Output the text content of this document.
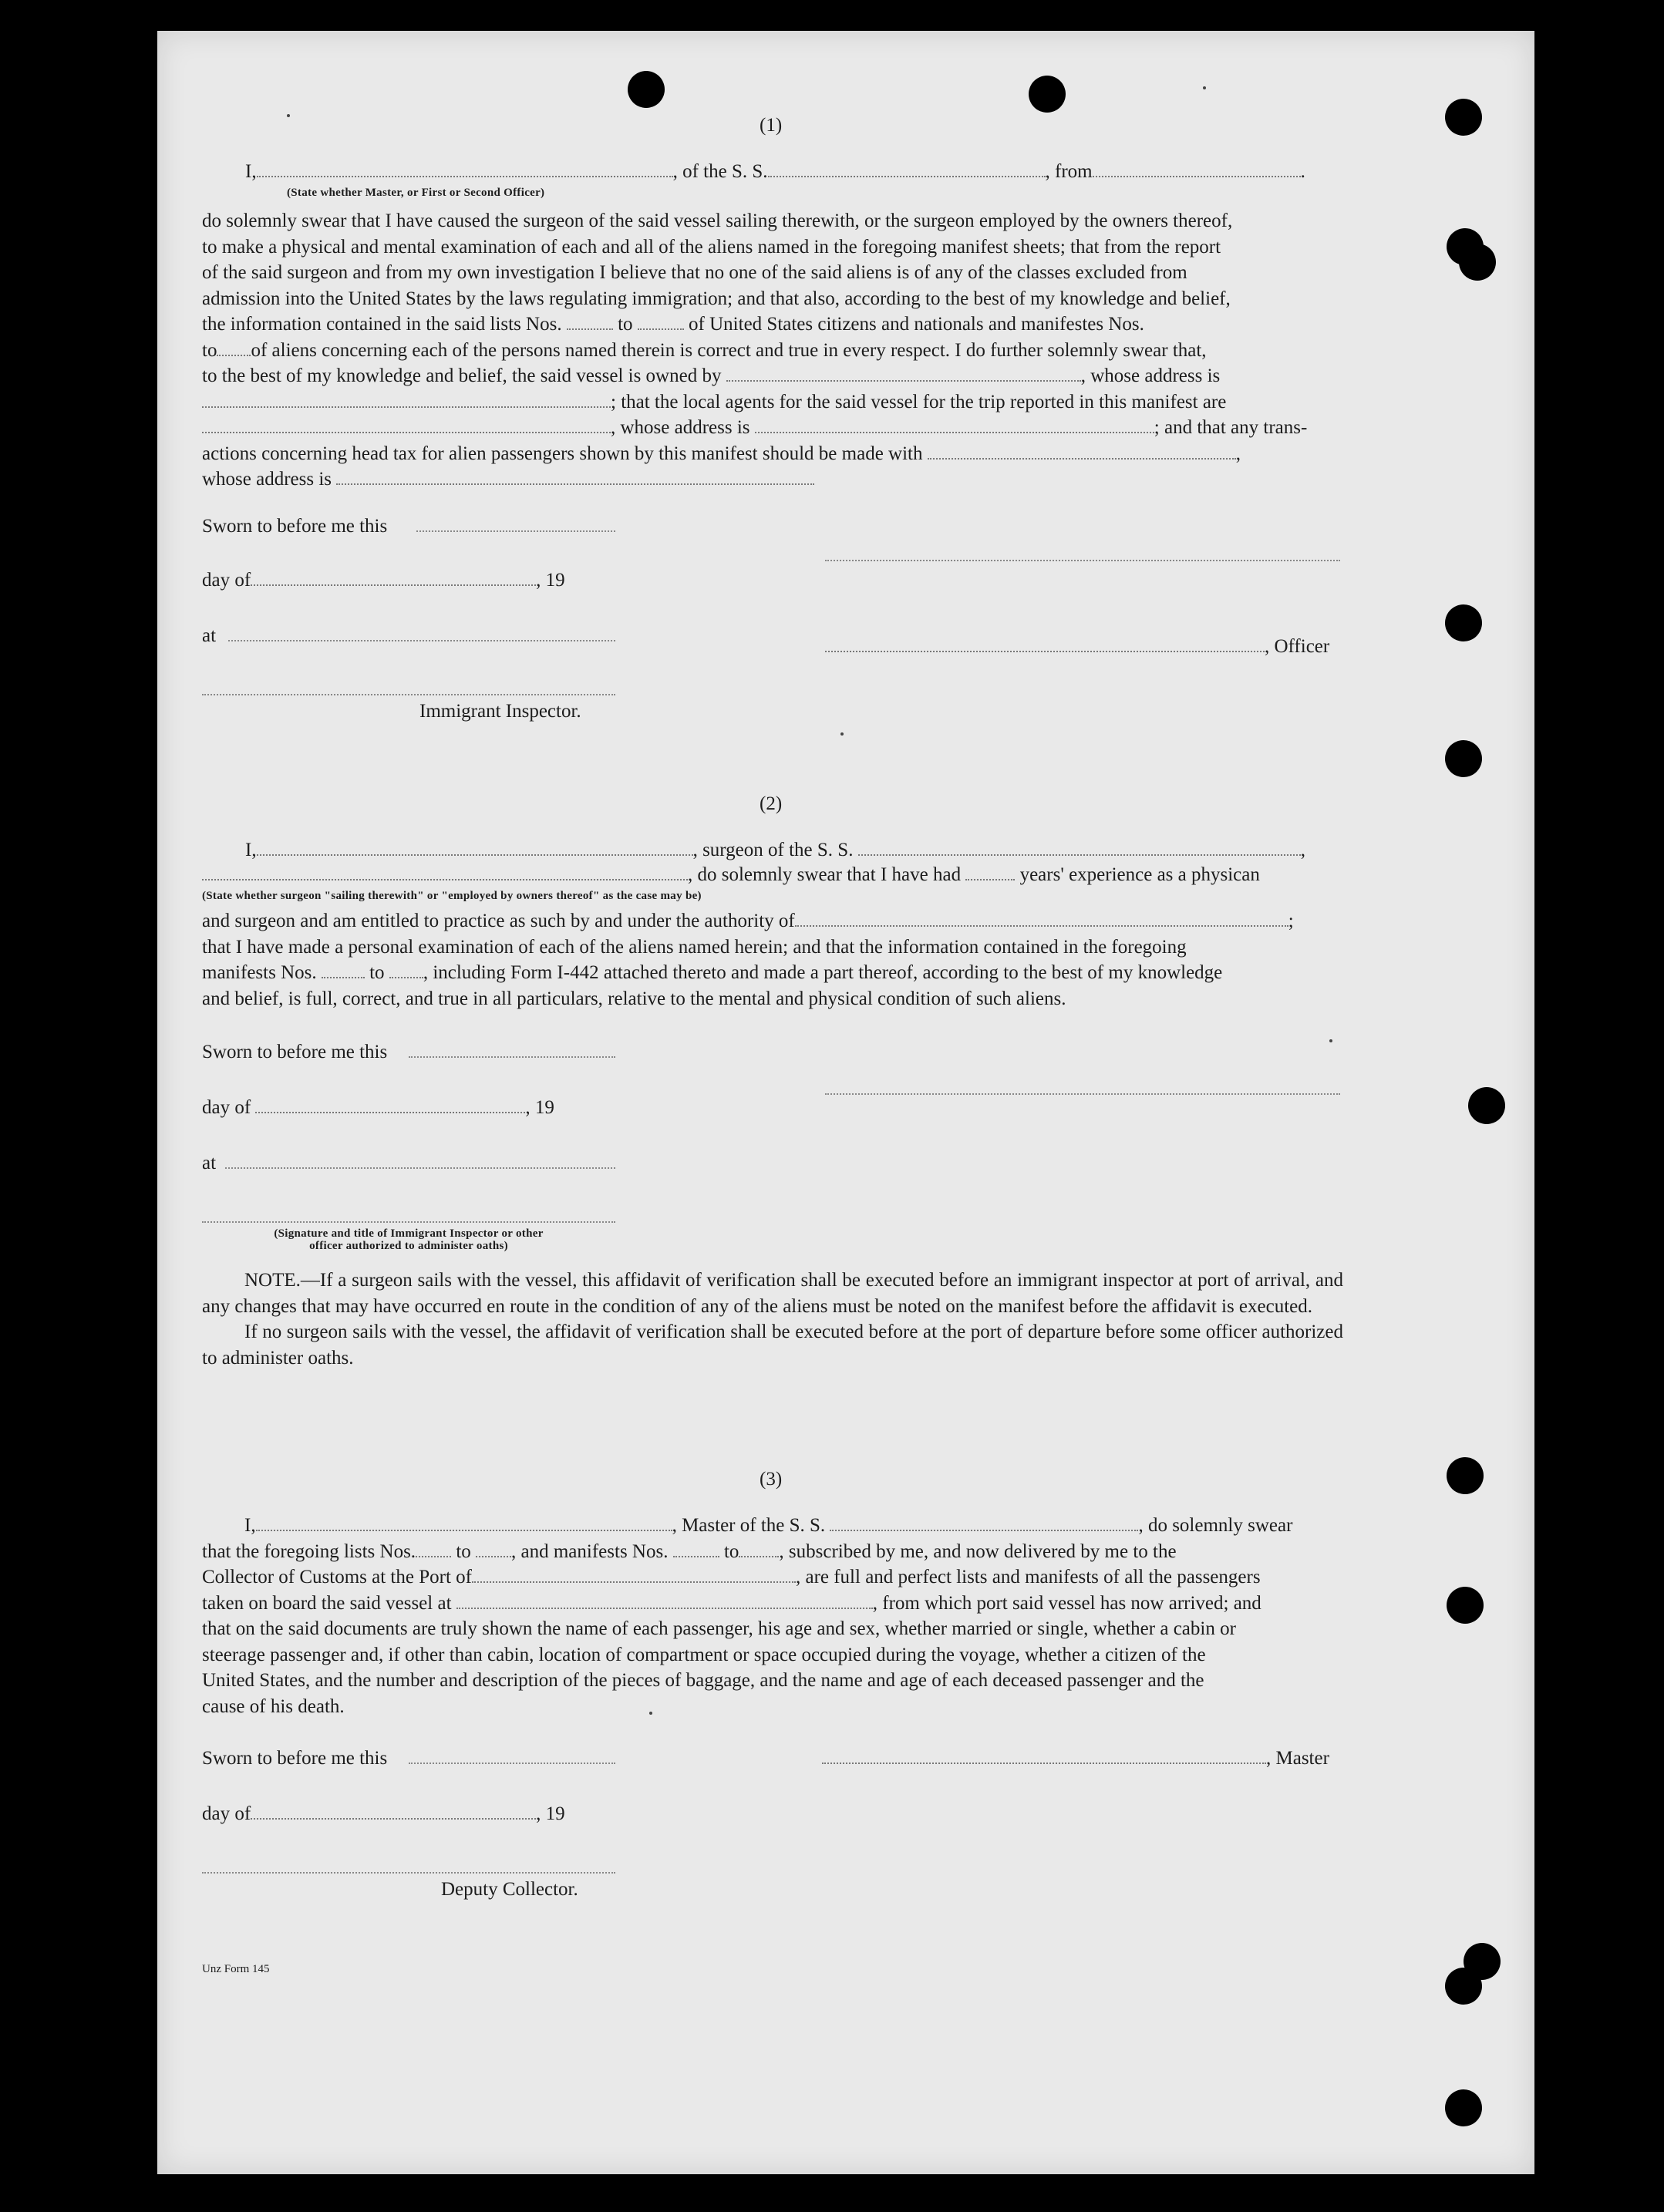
(1)
I,	, of the S. S.	, from	.
(State whether Master, or First or Second Officer)

do solemnly swear that I have caused the surgeon of the said vessel sailing therewith, or the surgeon employed by the owners thereof,

to make a physical and mental examination of each and all of the aliens named in the foregoing manifest sheets; that from the report

of the said surgeon and from my own investigation I believe that no one of the said aliens is of any of the classes excluded from

admission into the United States by the laws regulating immigration; and that also, according to the best of my knowledge and belief,

the information contained in the said lists Nos.	to	of United States citizens and nationals and manifestes Nos.

to of aliens concerning each of the persons named therein is correct and true in every respect. I do further solemnly swear that,

to the best of my knowledge and belief, the said vessel is owned by	, whose address is

; that the local agents for the said vessel for the trip reported in this manifest are

, whose address is	; and that any trans-

actions concerning head tax for alien passengers shown by this manifest should be made with	,

whose address is

Sworn to before me this
day of	, 19
at
, Officer
Immigrant Inspector.
(2)
I,	, surgeon of the S. S.	,
, do solemnly swear that I have had	years' experience as a physican
(State whether surgeon "sailing therewith" or "employed by owners thereof" as the case may be)

and surgeon and am entitled to practice as such by and under the authority of	;

that I have made a personal examination of each of the aliens named herein; and that the information contained in the foregoing

manifests Nos.	to , including Form I-442 attached thereto and made a part thereof, according to the best of my knowledge

and belief, is full, correct, and true in all particulars, relative to the mental and physical condition of such aliens.

Sworn to before me this
day of	, 19
at
(Signature and title of Immigrant Inspector or other
officer authorized to administer oaths)

NOTE.—If a surgeon sails with the vessel, this affidavit of verification shall be executed before an immigrant inspector at port of arrival, and any changes that may have occurred en route in the condition of any of the aliens must be noted on the manifest before the affidavit is executed.

If no surgeon sails with the vessel, the affidavit of verification shall be executed before at the port of departure before some officer authorized to administer oaths.

(3)

I,	, Master of the S. S.	, do solemnly swear

that the foregoing lists Nos. to , and manifests Nos.	to , subscribed by me, and now delivered by me to the

Collector of Customs at the Port of	, are full and perfect lists and manifests of all the passengers

taken on board the said vessel at	, from which port said vessel has now arrived; and

that on the said documents are truly shown the name of each passenger, his age and sex, whether married or single, whether a cabin or

steerage passenger and, if other than cabin, location of compartment or space occupied during the voyage, whether a citizen of the

United States, and the number and description of the pieces of baggage, and the name and age of each deceased passenger and the

cause of his death.

Sworn to before me this	, Master
day of	, 19
Deputy Collector.
Unz Form 145
